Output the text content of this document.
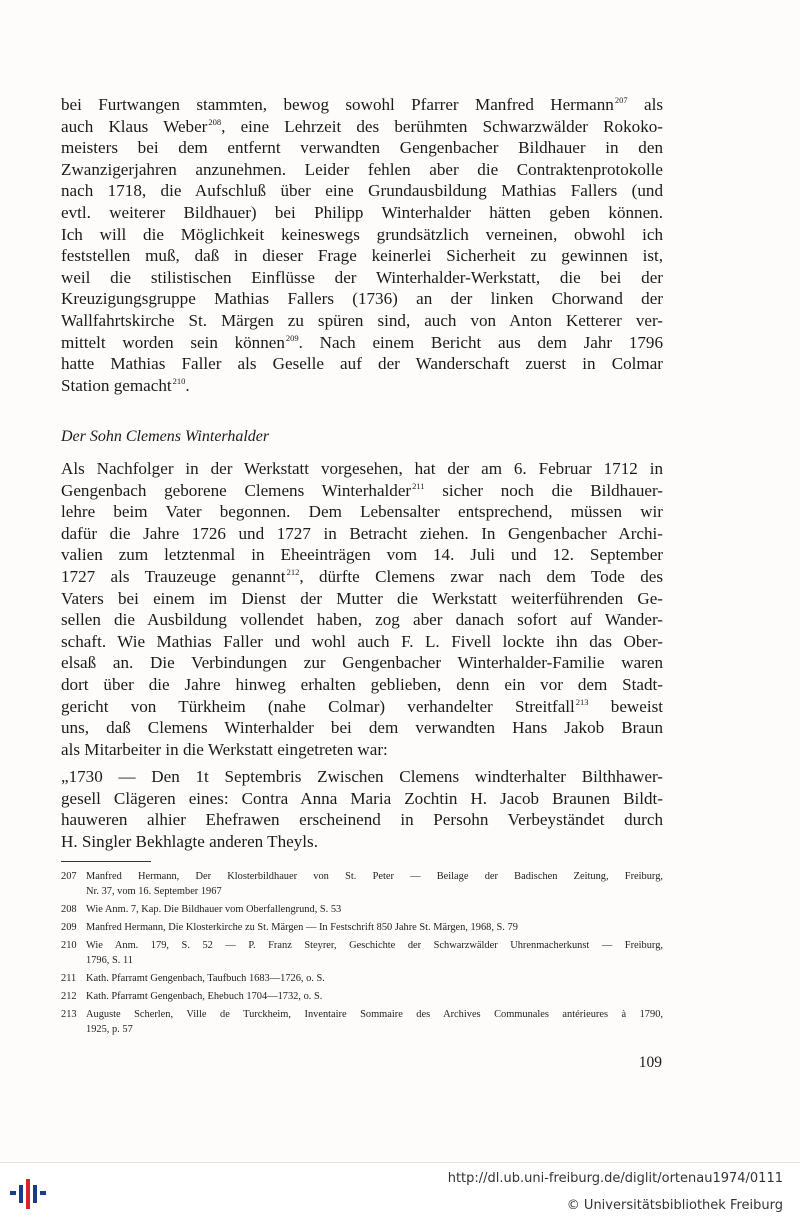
bei Furtwangen stammten, bewog sowohl Pfarrer Manfred Hermann$^{207}$ als
auch Klaus Weber$^{208}$, eine Lehrzeit des berühmten Schwarzwälder Rokoko-
meisters bei dem entfernt verwandten Gengenbacher Bildhauer in den
Zwanzigerjahren anzunehmen. Leider fehlen aber die Contraktenprotokolle
nach 1718, die Aufschluß über eine Grundausbildung Mathias Fallers (und
evtl. weiterer Bildhauer) bei Philipp Winterhalder hätten geben können.
Ich will die Möglichkeit keineswegs grundsätzlich verneinen, obwohl ich
feststellen muß, daß in dieser Frage keinerlei Sicherheit zu gewinnen ist,
weil die stilistischen Einflüsse der Winterhalder-Werkstatt, die bei der
Kreuzigungsgruppe Mathias Fallers (1736) an der linken Chorwand der
Wallfahrtskirche St. Märgen zu spüren sind, auch von Anton Ketterer ver-
mittelt worden sein können$^{209}$. Nach einem Bericht aus dem Jahr 1796
hatte Mathias Faller als Geselle auf der Wanderschaft zuerst in Colmar
Station gemacht$^{210}$.
Der Sohn Clemens Winterhalder
Als Nachfolger in der Werkstatt vorgesehen, hat der am 6. Februar 1712 in
Gengenbach geborene Clemens Winterhalder$^{211}$ sicher noch die Bildhauer-
lehre beim Vater begonnen. Dem Lebensalter entsprechend, müssen wir
dafür die Jahre 1726 und 1727 in Betracht ziehen. In Gengenbacher Archi-
valien zum letztenmal in Eheeinträgen vom 14. Juli und 12. September
1727 als Trauzeuge genannt$^{212}$, dürfte Clemens zwar nach dem Tode des
Vaters bei einem im Dienst der Mutter die Werkstatt weiterführenden Ge-
sellen die Ausbildung vollendet haben, zog aber danach sofort auf Wander-
schaft. Wie Mathias Faller und wohl auch F. L. Fivell lockte ihn das Ober-
elsaß an. Die Verbindungen zur Gengenbacher Winterhalder-Familie waren
dort über die Jahre hinweg erhalten geblieben, denn ein vor dem Stadt-
gericht von Türkheim (nahe Colmar) verhandelter Streitfall$^{213}$ beweist
uns, daß Clemens Winterhalder bei dem verwandten Hans Jakob Braun
als Mitarbeiter in die Werkstatt eingetreten war:
„1730 — Den 1t Septembris Zwischen Clemens windterhalter Bilthhawer-
gesell Clägeren eines: Contra Anna Maria Zochtin H. Jacob Braunen Bildt-
hauweren alhier Ehefrawen erscheinend in Persohn Verbeyständet durch
H. Singler Bekhlagte anderen Theyls.
207 Manfred Hermann, Der Klosterbildhauer von St. Peter — Beilage der Badischen Zeitung, Freiburg,
Nr. 37, vom 16. September 1967
208 Wie Anm. 7, Kap. Die Bildhauer vom Oberfallengrund, S. 53
209 Manfred Hermann, Die Klosterkirche zu St. Märgen — In Festschrift 850 Jahre St. Märgen, 1968, S. 79
210 Wie Anm. 179, S. 52 — P. Franz Steyrer, Geschichte der Schwarzwälder Uhrenmacherkunst — Freiburg,
1796, S. 11
211 Kath. Pfarramt Gengenbach, Taufbuch 1683—1726, o. S.
212 Kath. Pfarramt Gengenbach, Ehebuch 1704—1732, o. S.
213 Auguste Scherlen, Ville de Turckheim, Inventaire Sommaire des Archives Communales antérieures à 1790,
1925, p. 57
109
http://dl.ub.uni-freiburg.de/diglit/ortenau1974/0111
© Universitätsbibliothek Freiburg
